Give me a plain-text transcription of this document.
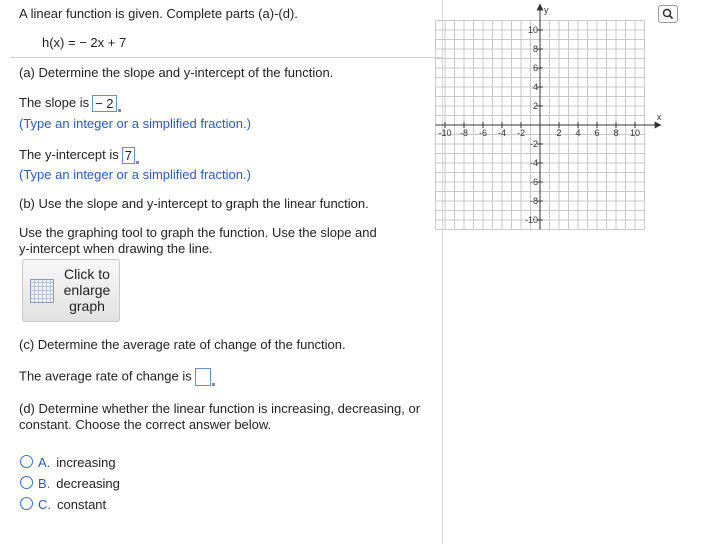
A linear function is given. Complete parts (a)-(d).
h(x) = − 2x + 7
(a) Determine the slope and y-intercept of the function.
The slope is − 2
(Type an integer or a simplified fraction.)
The y-intercept is 7
(Type an integer or a simplified fraction.)
(b) Use the slope and y-intercept to graph the linear function.
Use the graphing tool to graph the function. Use the slope and
y-intercept when drawing the line.
Click to enlarge graph
(c) Determine the average rate of change of the function.
The average rate of change is
(d) Determine whether the linear function is increasing, decreasing, or
constant. Choose the correct answer below.
A. increasing
B. decreasing
C. constant
x
y
-10 -8 -6 -4 -2	2 4 6 8 10
10
8
6
4
2
-2
-4
-6
-8
-10
